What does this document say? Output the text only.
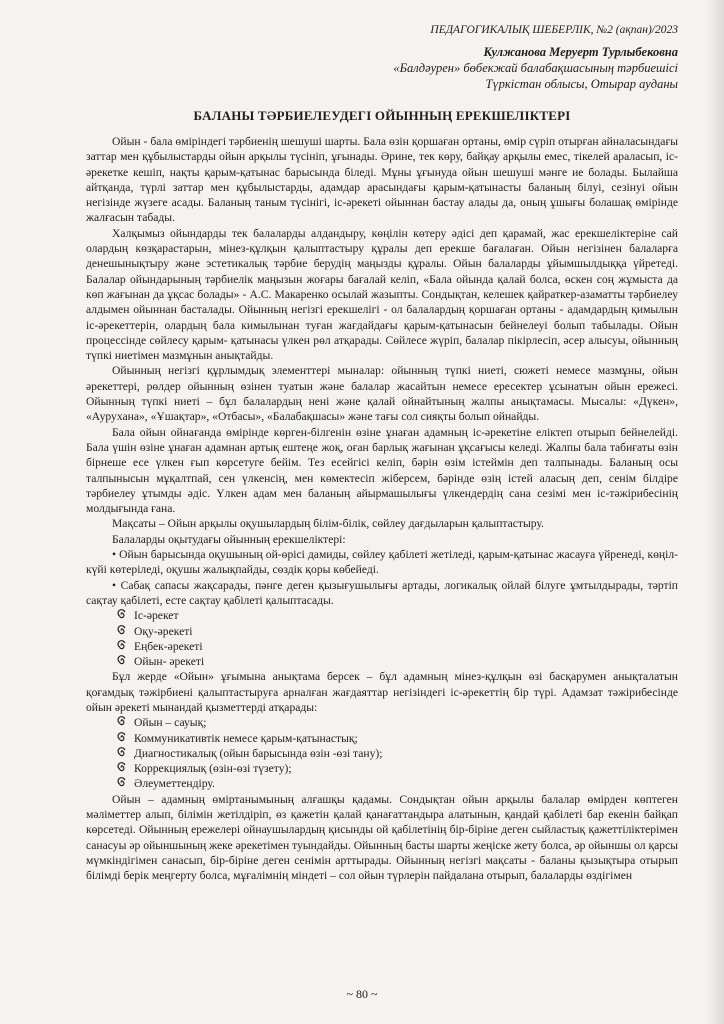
ПЕДАГОГИКАЛЫҚ ШЕБЕРЛІК, №2 (ақпан)/2023

Кулжанова Меруерт Турлыбековна

«Балдәурен» бөбекжай балабақшасының тәрбиешісі

Түркістан облысы, Отырар ауданы

БАЛАНЫ ТӘРБИЕЛЕУДЕГІ ОЙЫННЫҢ ЕРЕКШЕЛІКТЕРІ

Ойын - бала өміріндегі тәрбиенің шешуші шарты. Бала өзін қоршаған ортаны, өмір сүріп отырған айналасындағы заттар мен құбылыстарды ойын арқылы түсініп, ұғынады. Әрине, тек көру, байқау арқылы емес, тікелей араласып, іс-әрекетке кешіп, нақты қарым-қатынас барысында біледі. Мұны ұғынуда ойын шешуші мәнге ие болады. Былайша айтқанда, түрлі заттар мен құбылыстарды, адамдар арасындағы қарым-қатынасты баланың білуі, сезінуі ойын негізінде жүзеге асады. Баланың таным түсінігі, іс-әрекеті ойыннан бастау алады да, оның ұшығы болашақ өмірінде жалғасын табады.

Халқымыз ойындарды тек балаларды алдандыру, көңілін көтеру әдісі деп қарамай, жас ерекшеліктеріне сай олардың көзқарастарын, мінез-құлқын қалыптастыру құралы деп ерекше бағалаған. Ойын негізінен балаларға денешынықтыру және эстетикалық тәрбие берудің маңызды құралы. Ойын балаларды ұйымшылдыққа үйретеді. Балалар ойындарының тәрбиелік маңызын жоғары бағалай келіп, «Бала ойында қалай болса, өскен соң жұмыста да көп жағынан да ұқсас болады» - А.С. Макаренко осылай жазыпты. Сондықтан, келешек қайраткер-азаматты тәрбиелеу алдымен ойыннан басталады. Ойынның негізгі ерекшелігі - ол балалардың қоршаған ортаны - адамдардың қимылын іс-әрекеттерін, олардың бала кимылынан туған жағдайдағы қарым-қатынасын бейнелеуі болып табылады. Ойын процессінде сөйлесу қарым- қатынасы үлкен рөл атқарады. Сөйлесе жүріп, балалар пікірлесіп, әсер алысуы, ойынның түпкі ниетімен мазмұнын анықтайды.

Ойынның негізгі құрлымдық элементтері мыналар: ойынның түпкі ниеті, сюжеті немесе мазмұны, ойын әрекеттері, рөлдер ойынның өзінен туатын және балалар жасайтын немесе ересектер ұсынатын ойын ережесі. Ойынның түпкі ниеті – бұл балалардың нені және қалай ойнайтының жалпы анықтамасы. Мысалы: «Дүкен», «Аурухана», «Ұшақтар», «Отбасы», «Балабақшасы» және тағы сол сияқты болып ойнайды.

Бала ойын ойнағанда өмірінде көрген-білгенін өзіне ұнаған адамның іс-әрекетіне еліктеп отырып бейнелейді. Бала үшін өзіне ұнаған адамнан артық ештеңе жоқ, оған барлық жағынан ұқсағысы келеді. Жалпы бала табиғаты өзін бірнеше есе үлкен ғып көрсетуге бейім. Тез есейгісі келіп, бәрін өзім істеймін деп талпынады. Баланың осы талпынысын мұқалтпай, сен үлкенсің, мен көмектесіп жіберсем, бәрінде өзің істей аласың деп, сенім білдіре тәрбиелеу ұтымды әдіс. Үлкен адам мен баланың айырмашылығы үлкендердің сана сезімі мен іс-тәжірибесінің молдығында ғана.

Мақсаты – Ойын арқылы оқушылардың білім-білік, сөйлеу дағдыларын қалыптастыру.

Балаларды оқытудағы ойынның ерекшеліктері:

• Ойын барысында оқушының ой-өрісі дамиды, сөйлеу қабілеті жетіледі, қарым-қатынас жасауға үйренеді, көңіл-күйі көтеріледі, оқушы жалықпайды, сөздік қоры көбейеді.

• Сабақ сапасы жақсарады, пәнге деген қызығушылығы артады, логикалық ойлай білуге ұмтылдырады, тәртіп сақтау қабілеті, есте сақтау қабілеті қалыптасады.

Іс-әрекет
Оқу-әрекеті
Еңбек-әрекеті
Ойын- әрекеті

Бұл жерде «Ойын» ұғымына анықтама берсек – бұл адамның мінез-құлқын өзі басқарумен анықталатын қоғамдық тәжірбиені қалыптастыруға арналған жағдаяттар негізіндегі іс-әрекеттің бір түрі. Адамзат тәжірибесінде ойын әрекеті мынандай қызметтерді атқарады:

Ойын – сауық;
Коммуникативтік немесе қарым-қатынастық;
Диагностикалық (ойын барысында өзін -өзі тану);
Коррекциялық (өзін-өзі түзету);
Әлеуметтендіру.

Ойын – адамның өміртанымының алғашқы қадамы. Сондықтан ойын арқылы балалар өмірден көптеген мәліметтер алып, білімін жетілдіріп, өз қажетін қалай қанағаттандыра алатынын, қандай қабілеті бар екенін байқап көрсетеді. Ойынның ережелері ойнаушылардың қисынды ой қабілетінің бір-біріне деген сыйластық қажеттіліктерімен санасуы әр ойыншының жеке әрекетімен туындайды. Ойынның басты шарты жеңіске жету болса, әр ойыншы ол қарсы мүмкіндігімен санасып, бір-біріне деген сенімін арттырады. Ойынның негізгі мақсаты - баланы қызықтыра отырып білімді берік меңгерту болса, мұғалімнің міндеті – сол ойын түрлерін пайдалана отырып, балаларды өздігімен

~ 80 ~
